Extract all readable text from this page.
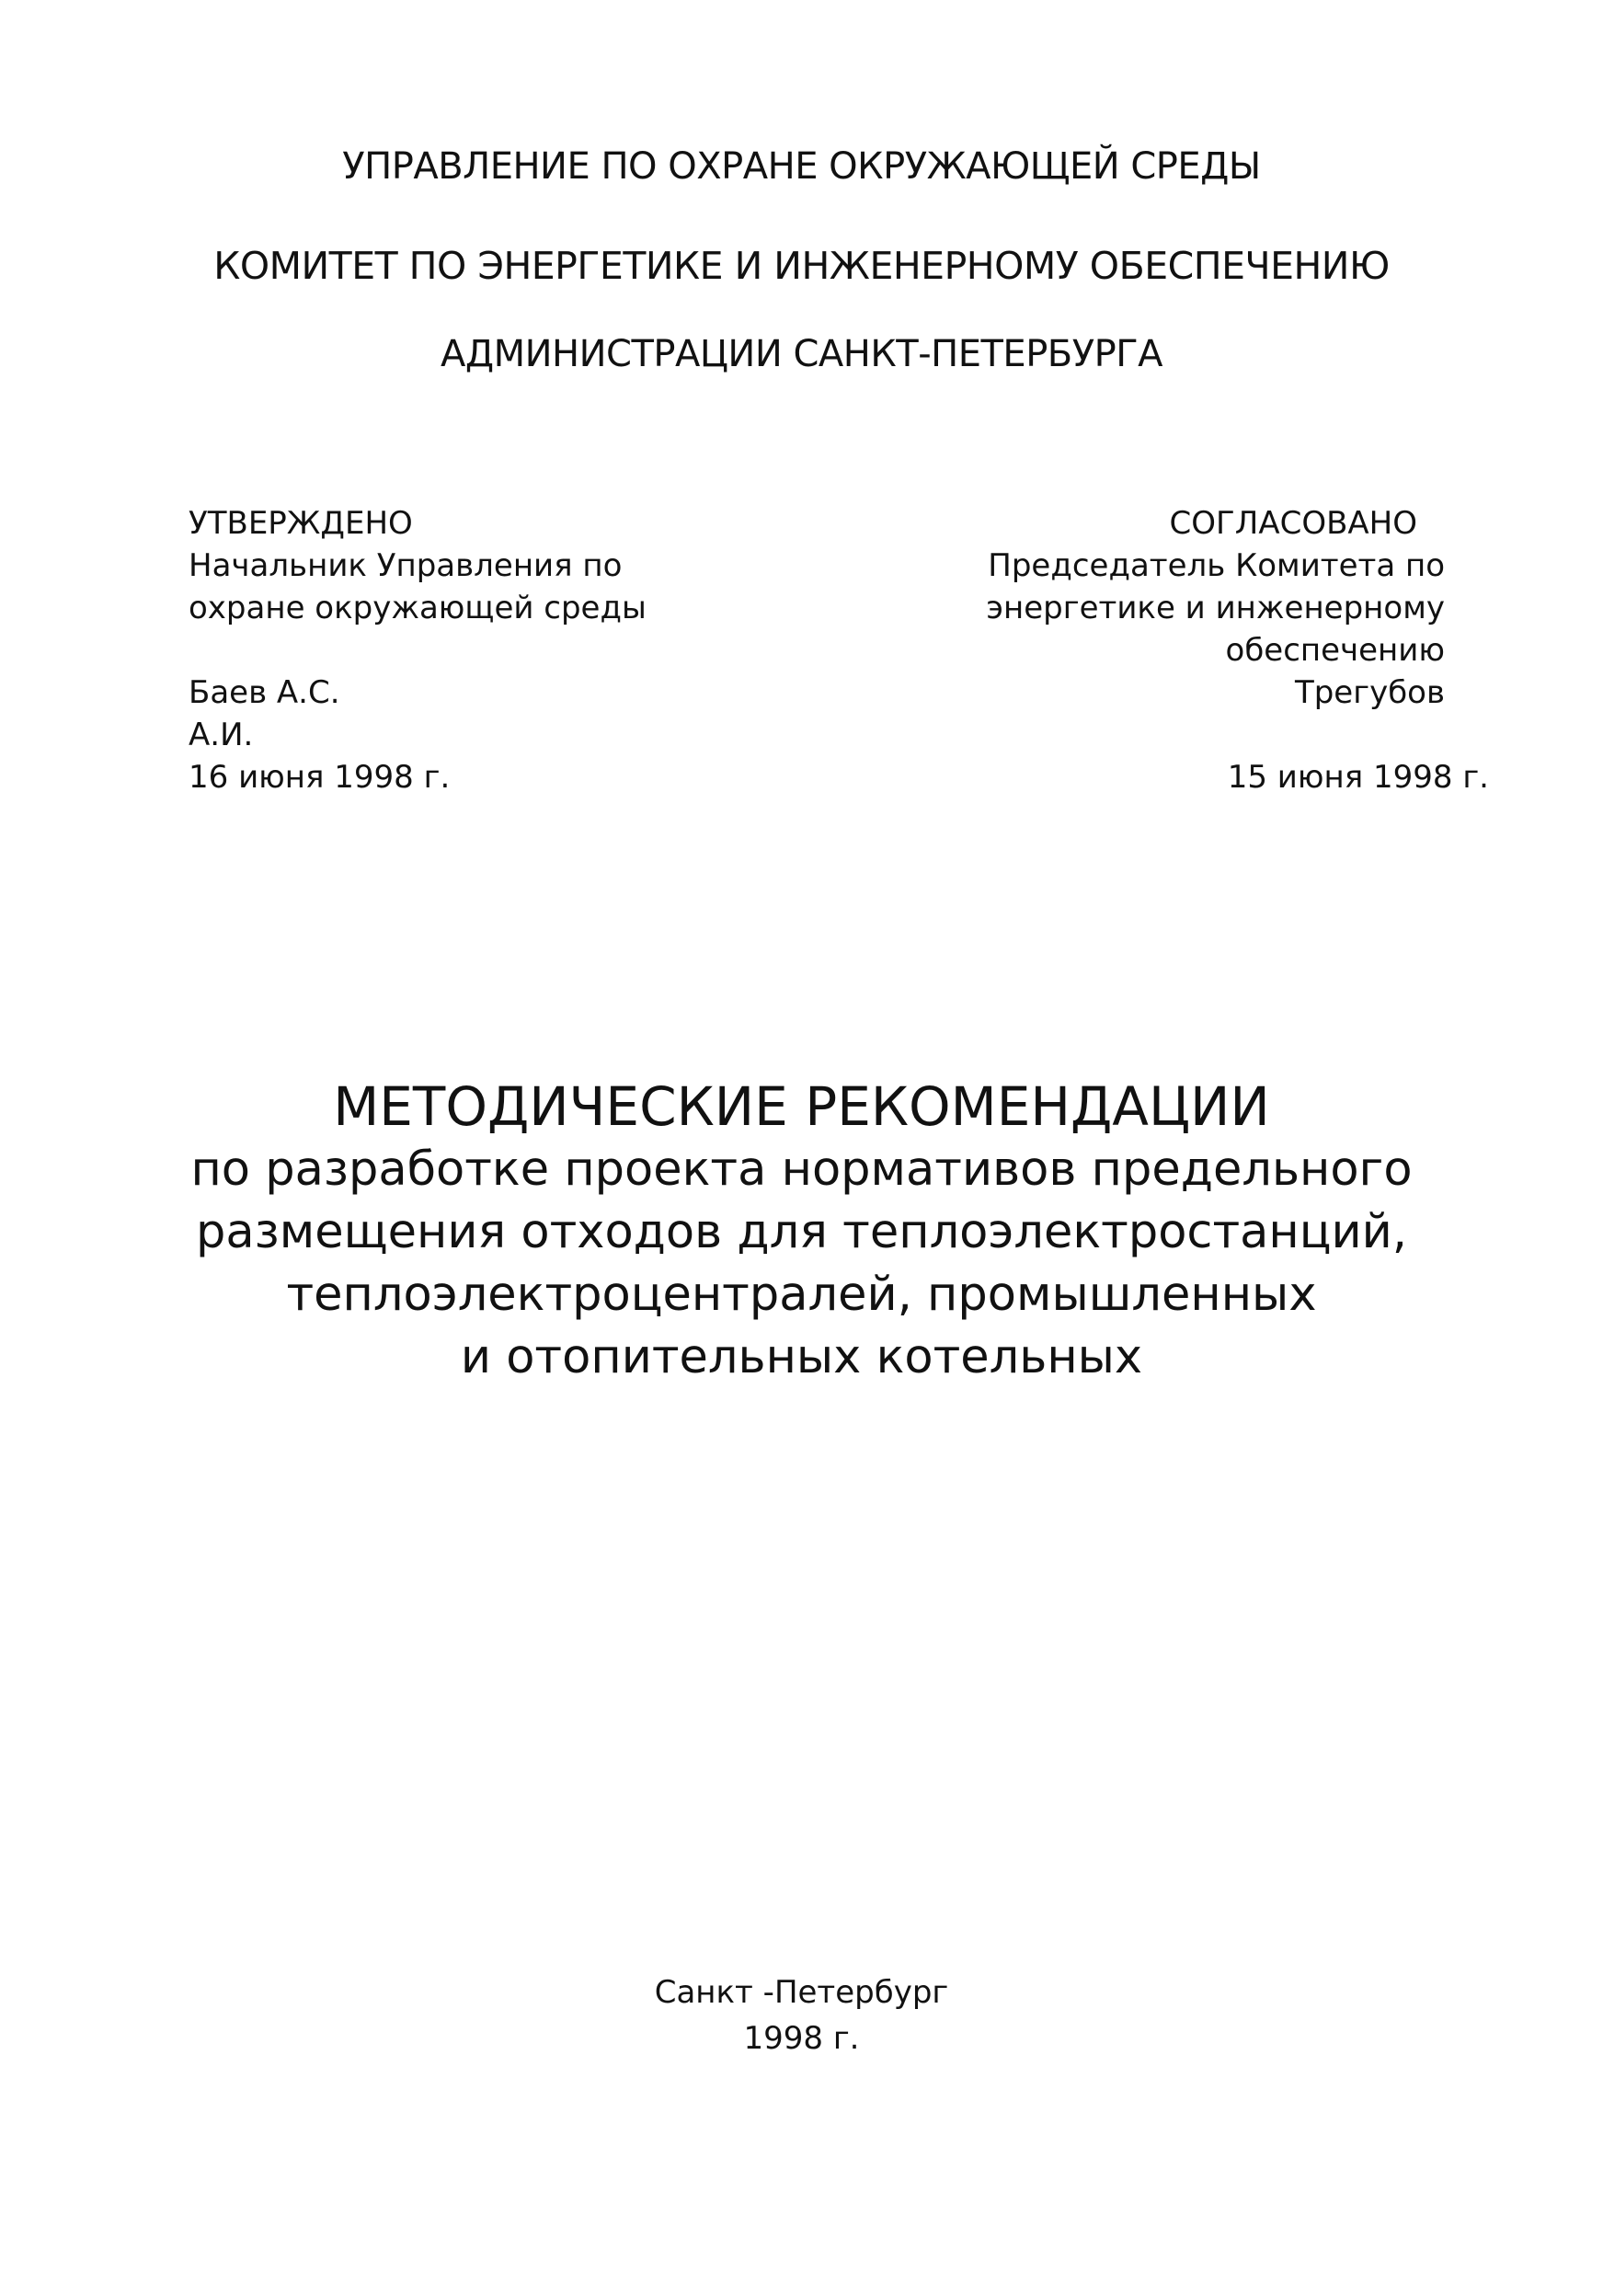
УПРАВЛЕНИЕ ПО ОХРАНЕ ОКРУЖАЮЩЕЙ СРЕДЫ
КОМИТЕТ ПО ЭНЕРГЕТИКЕ И ИНЖЕНЕРНОМУ ОБЕСПЕЧЕНИЮ
АДМИНИСТРАЦИИ САНКТ-ПЕТЕРБУРГА
УТВЕРЖДЕНО
Начальник Управления по
охране окружающей среды
Баев А.С.
А.И.
16 июня 1998 г.
СОГЛАСОВАНО
Председатель Комитета по
энергетике и инженерному
обеспечению
Трегубов
15 июня 1998 г.
МЕТОДИЧЕСКИЕ РЕКОМЕНДАЦИИ
по разработке проекта нормативов предельного
размещения отходов для теплоэлектростанций,
теплоэлектроцентралей, промышленных
и отопительных котельных
Санкт -Петербург
1998 г.
